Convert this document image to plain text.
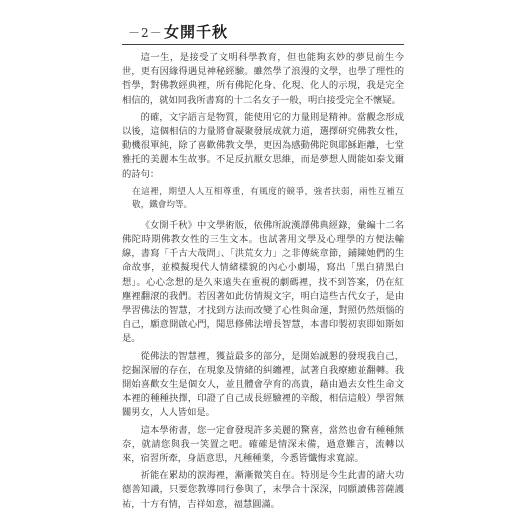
－2－ 女開千秋

這一生，是接受了文明科學教育，但也能夠玄妙的夢見前生今世，更有因緣得遇見神秘經驗。雖然學了浪漫的文學，也學了理性的哲學，對佛教經典裡，所有佛陀化身、化現、化人的示現，我是完全相信的，就如同我所書寫的十二名女子一般，明白接受完全不懷疑。

的確，文字語言是物質，能使用它的力量則是精神。當觀念形成以後，這個相信的力量將會凝聚發展成就力道，選擇研究佛教女性，動機很單純，除了喜歡佛教文學，更因為感動佛陀與耶穌距離，七堂雅托的美麗本生故事。不足反抗厭女思維，而是夢想人間能如泰戈爾的詩句：

在這裡，期望人人互相尊重，有風度的競爭，強者扶弱，兩性互補互敬，鐵會均等。

《女開千秋》中文學術版，依佛所說漢譯佛典經錄，彙編十二名佛陀時期佛教女性的三生文本。也試著用文學及心理學的方便法輸線，書寫「千古大哉問」、「洪荒女力」之非傳統章節，鋪陳她們的生命故事，並模擬現代人情緒樣貌的內心小劇場，寫出「黑白猜黑白想」。心心念想的是久來遠失在重視的劇碼裡，找不到答案，仍在紅塵裡翻滾的我們。若因著如此仿情規文字，明白這些古代女子，是由學習佛法的智慧，才找到方法而改變了心性與命運，對照仍然煩惱的自己，願意開啟心門，聞思修佛法增長智慧，本書印製初衷即如斯如是。

從佛法的智慧裡，獲益最多的部分，是開始誠懇的發現我自己，挖掘深層的存在，在現象及情緒的糾纏裡，試著自我療癒並翻轉。我開始喜歡女生是個女人，並且體會孕育的高貴，藉由過去女性生命文本裡的種種抉擇，印證了自己成長經驗裡的辛酸，相信這般）學習無關男女，人人皆如是。

這本學術書，您一定會發現許多美麗的驚喜，當然也會有種種無奈，就請您與我一笑置之吧。確確是情深未備，過意難言，流轉以來，宿習所牽，身語意思，凡種種業，今悉皆懺悔求寬諒。

祈能在累劫的淚海裡，漸漸微笑自在。特別是今生此書的諸大功德善知識，只要您教導同行參與了，末學合十深深，同願讀佛菩薩護祐，十方有情，吉祥如意，福慧圓滿。
